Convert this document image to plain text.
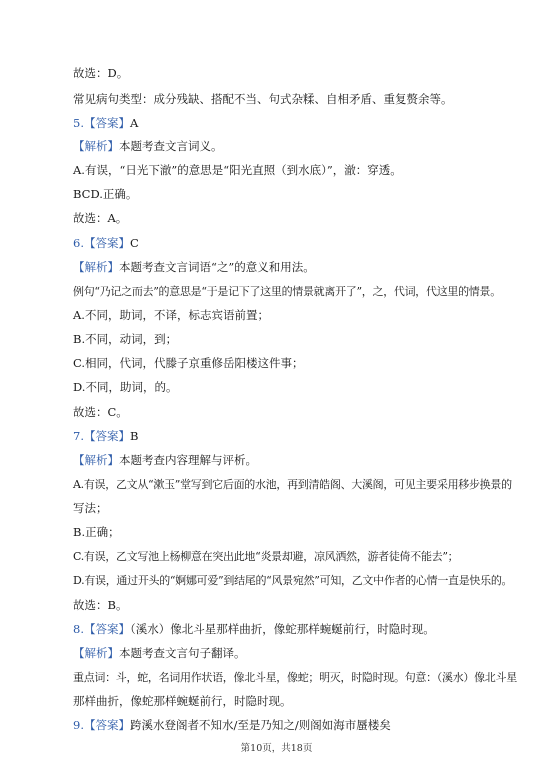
故选：D。
常见病句类型：成分残缺、搭配不当、句式杂糅、自相矛盾、重复赘余等。
5.【答案】A
【解析】本题考查文言词义。
A.有误，“日光下澈”的意思是“阳光直照（到水底）”，澈：穿透。
BCD.正确。
故选：A。
6.【答案】C
【解析】本题考查文言词语“之”的意义和用法。
例句“乃记之而去”的意思是“于是记下了这里的情景就离开了”，之，代词，代这里的情景。
A.不同，助词，不译，标志宾语前置；
B.不同，动词，到；
C.相同，代词，代滕子京重修岳阳楼这件事；
D.不同，助词，的。
故选：C。
7.【答案】B
【解析】本题考查内容理解与评析。
A.有误，乙文从“漱玉”堂写到它后面的水池，再到清皓阁、大溪阁，可见主要采用移步换景的
写法；
B.正确；
C.有误，乙文写池上杨柳意在突出此地“炎景却避，凉风洒然，游者徒倚不能去”；
D.有误，通过开头的“婀娜可爱”到结尾的“风景宛然”可知，乙文中作者的心情一直是快乐的。
故选：B。
8.【答案】（溪水）像北斗星那样曲折，像蛇那样蜿蜒前行，时隐时现。
【解析】本题考查文言句子翻译。
重点词：斗，蛇，名词用作状语，像北斗星，像蛇；明灭，时隐时现。句意：（溪水）像北斗星
那样曲折，像蛇那样蜿蜒前行，时隐时现。
9.【答案】跨溪水登阁者不知水/至是乃知之/则阁如海市蜃楼矣
第10页，共18页
